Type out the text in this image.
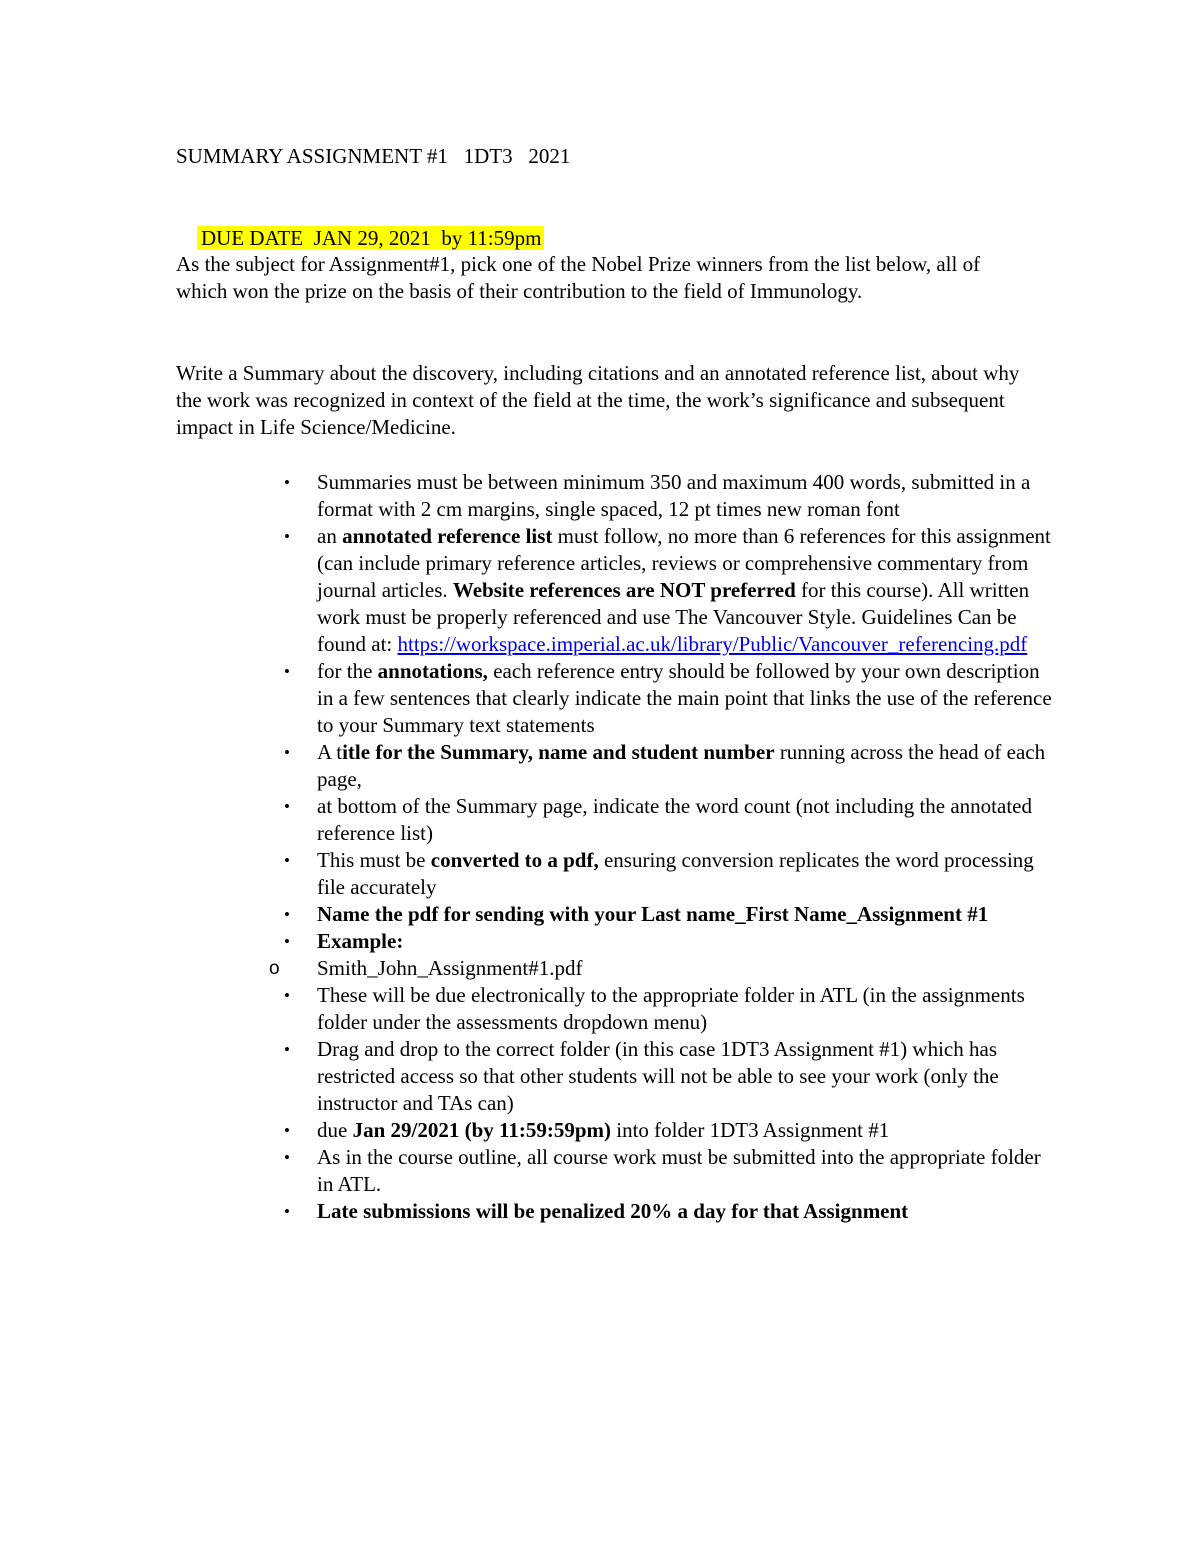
SUMMARY ASSIGNMENT #1   1DT3   2021

DUE DATE  JAN 29, 2021  by 11:59pm

As the subject for Assignment#1, pick one of the Nobel Prize winners from the list below, all of which won the prize on the basis of their contribution to the field of Immunology.

Write a Summary about the discovery, including citations and an annotated reference list, about why the work was recognized in context of the field at the time, the work’s significance and subsequent impact in Life Science/Medicine.

• Summaries must be between minimum 350 and maximum 400 words, submitted in a format with 2 cm margins, single spaced, 12 pt times new roman font
• an annotated reference list must follow, no more than 6 references for this assignment (can include primary reference articles, reviews or comprehensive commentary from journal articles. Website references are NOT preferred for this course). All written work must be properly referenced and use The Vancouver Style. Guidelines Can be found at: https://workspace.imperial.ac.uk/library/Public/Vancouver_referencing.pdf
• for the annotations, each reference entry should be followed by your own description in a few sentences that clearly indicate the main point that links the use of the reference to your Summary text statements
• A title for the Summary, name and student number running across the head of each page,
• at bottom of the Summary page, indicate the word count (not including the annotated reference list)
• This must be converted to a pdf, ensuring conversion replicates the word processing file accurately
• Name the pdf for sending with your Last name_First Name_Assignment #1
• Example:
o Smith_John_Assignment#1.pdf
• These will be due electronically to the appropriate folder in ATL (in the assignments folder under the assessments dropdown menu)
• Drag and drop to the correct folder (in this case 1DT3 Assignment #1) which has restricted access so that other students will not be able to see your work (only the instructor and TAs can)
• due Jan 29/2021 (by 11:59:59pm) into folder 1DT3 Assignment #1
• As in the course outline, all course work must be submitted into the appropriate folder in ATL.
• Late submissions will be penalized 20% a day for that Assignment
